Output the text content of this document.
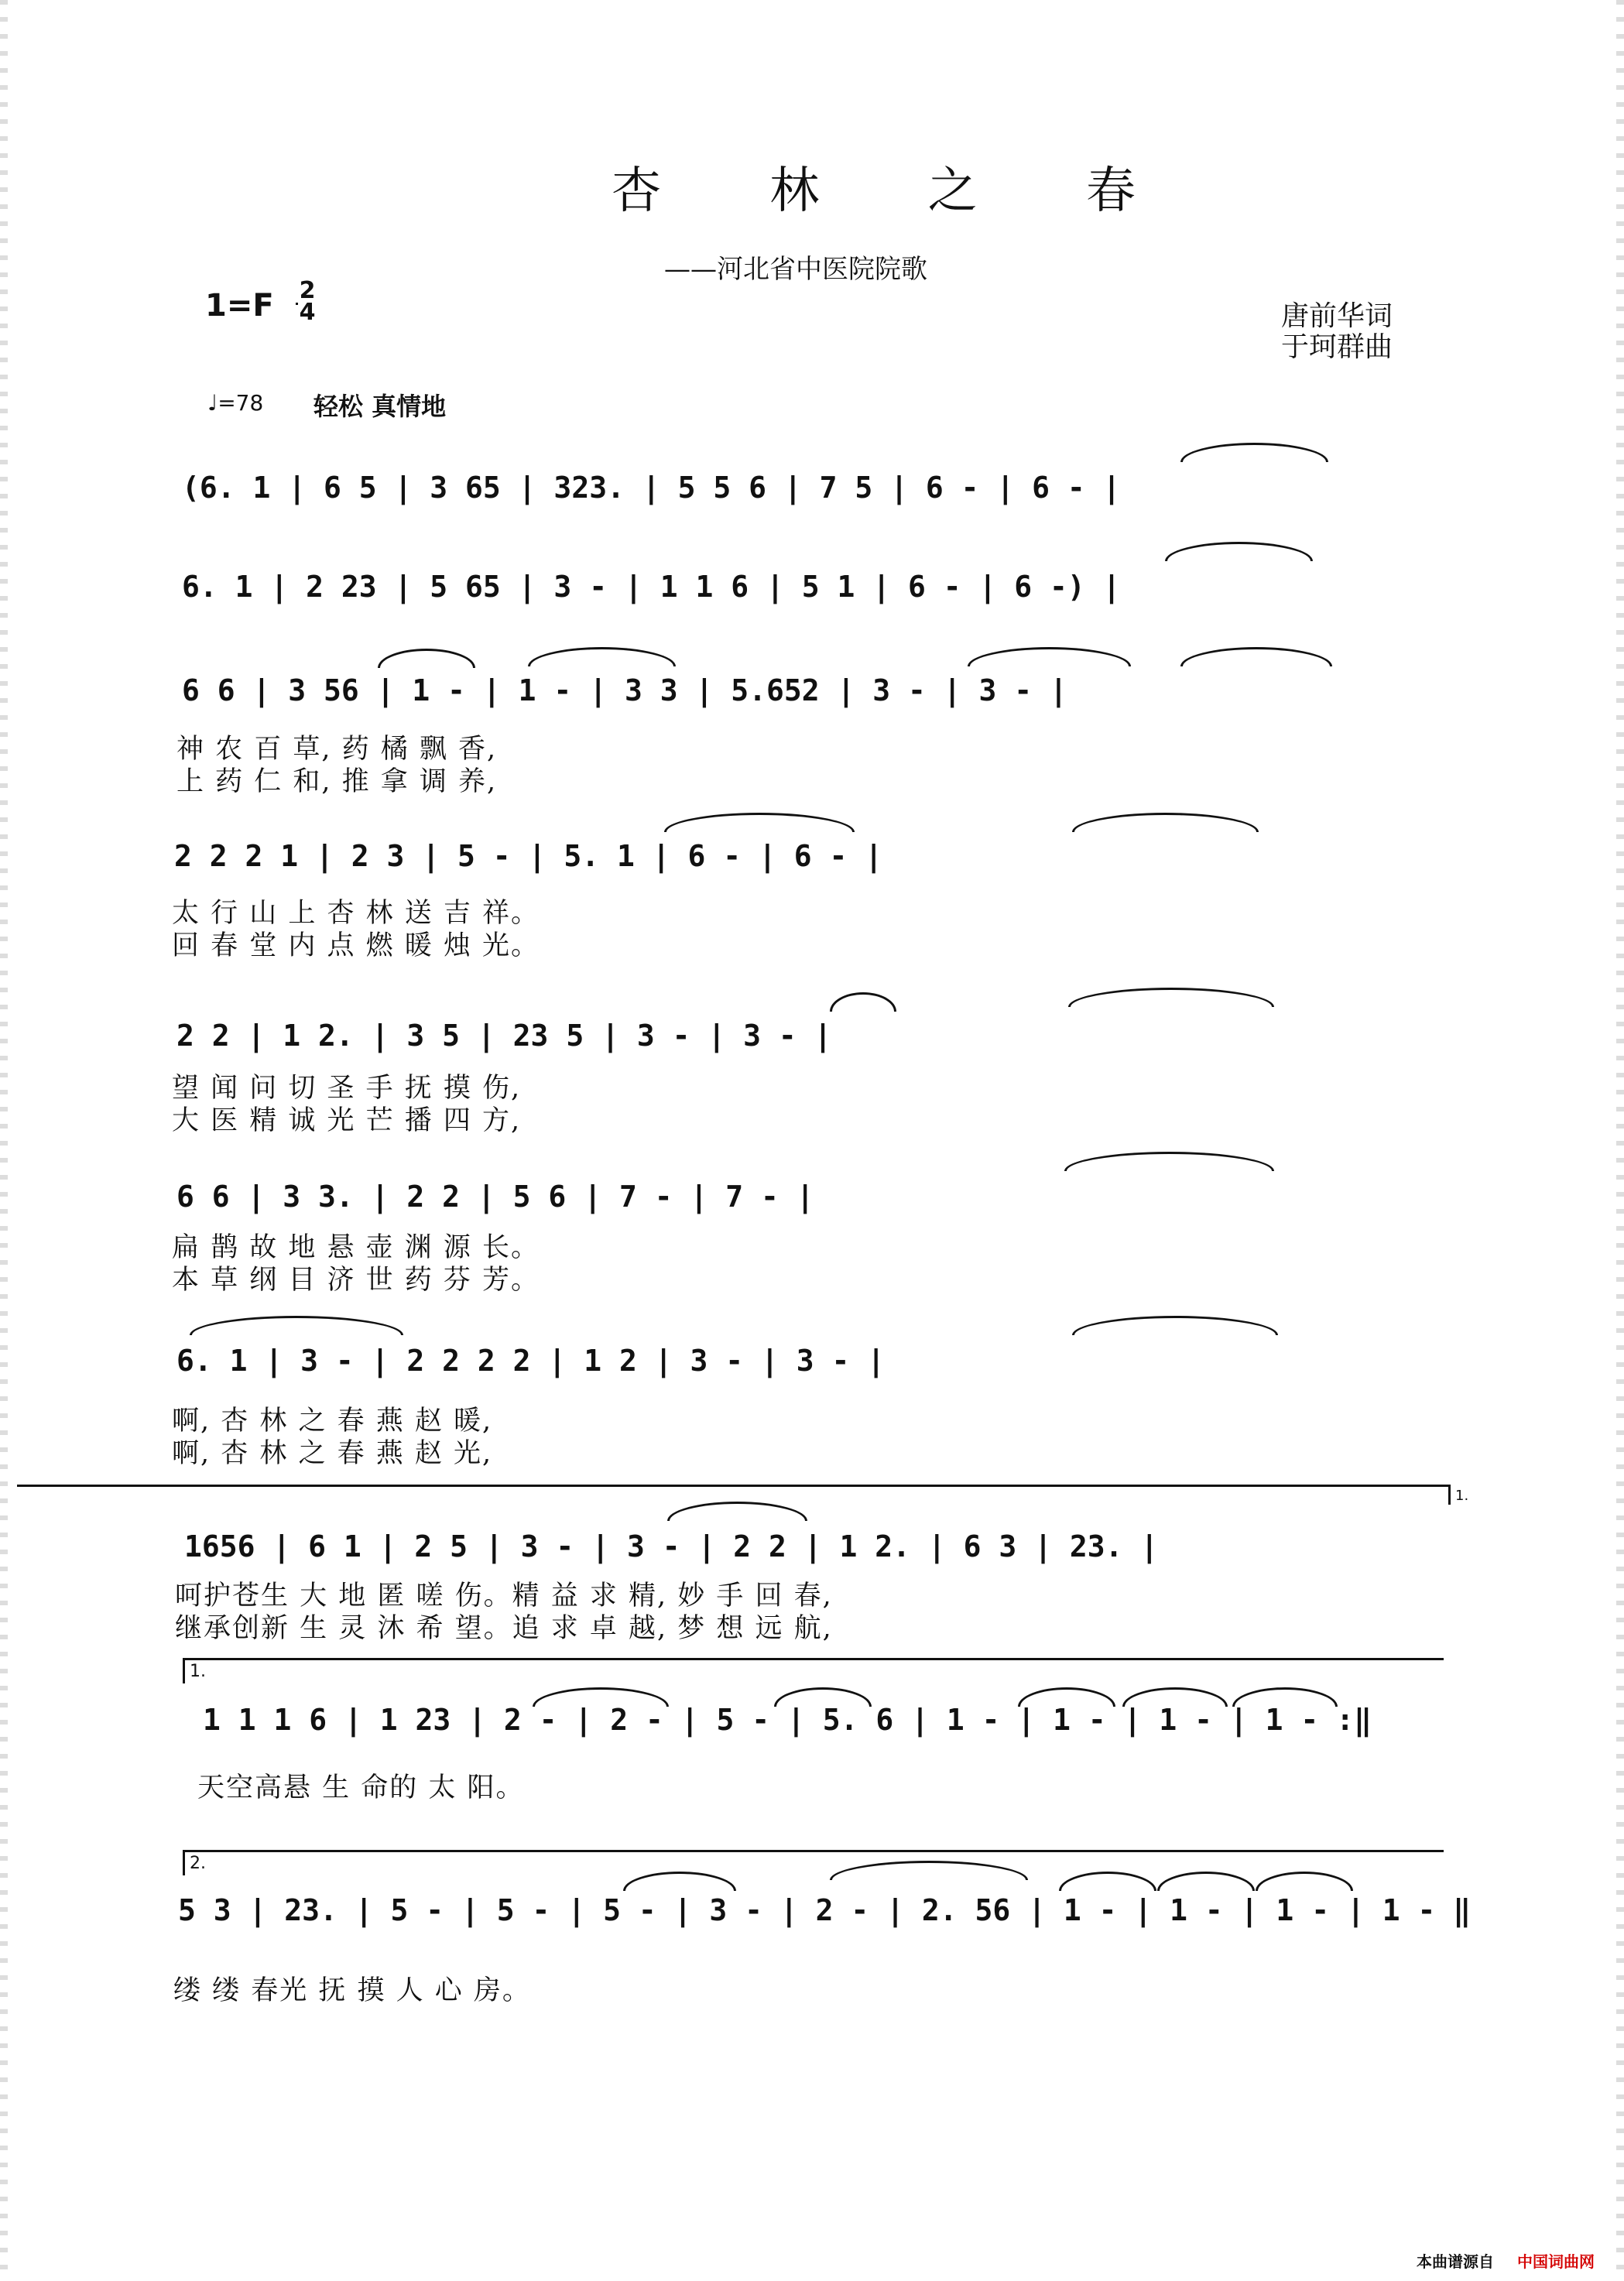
杏 林 之 春
——河北省中医院院歌
1=F 2
4	唐前华词
于珂群曲
♩=78 轻松 真情地
(6. 1 | 6 5 | 3 65 | 323. | 5 5 6 | 7 5 | 6 - | 6 - |
6. 1 | 2 23 | 5 65 | 3 - | 1 1 6 | 5 1 | 6 - | 6 -) |
6 6 | 3 56 | 1 - | 1 - | 3 3 | 5.652 | 3 - | 3 - |
神 农 百 草, 药 橘 飘 香,
上 药 仁 和, 推 拿 调 养,
2 2 2 1 | 2 3 | 5 - | 5. 1 | 6 - | 6 - |
太 行 山 上 杏 林 送 吉 祥。
回 春 堂 内 点 燃 暖 烛 光。
2 2 | 1 2. | 3 5 | 23 5 | 3 - | 3 - |
望 闻 问 切 圣 手 抚 摸 伤,
大 医 精 诚 光 芒 播 四 方,
6 6 | 3 3. | 2 2 | 5 6 | 7 - | 7 - |
扁 鹊 故 地 悬 壶 渊 源 长。
本 草 纲 目 济 世 药 芬 芳。
6. 1 | 3 - | 2 2 2 2 | 1 2 | 3 - | 3 - |
啊, 杏 林 之 春 燕 赵 暖,
啊, 杏 林 之 春 燕 赵 光,
1.
1656 | 6 1 | 2 5 | 3 - | 3 - | 2 2 | 1 2. | 6 3 | 23. |
呵护苍生 大 地 匿 嗟 伤。精 益 求 精, 妙 手 回 春,
继承创新 生 灵 沐 希 望。追 求 卓 越, 梦 想 远 航,
1.
1 1 1 6 | 1 23 | 2 - | 2 - | 5 - | 5. 6 | 1 - | 1 - | 1 - | 1 - :‖
天空高悬 生 命的 太 阳。
2.
5 3 | 23. | 5 - | 5 - | 5 - | 3 - | 2 - | 2. 56 | 1 - | 1 - | 1 - | 1 - ‖
缕 缕 春光 抚 摸 人 心 房。
本曲谱源自 中国词曲网
